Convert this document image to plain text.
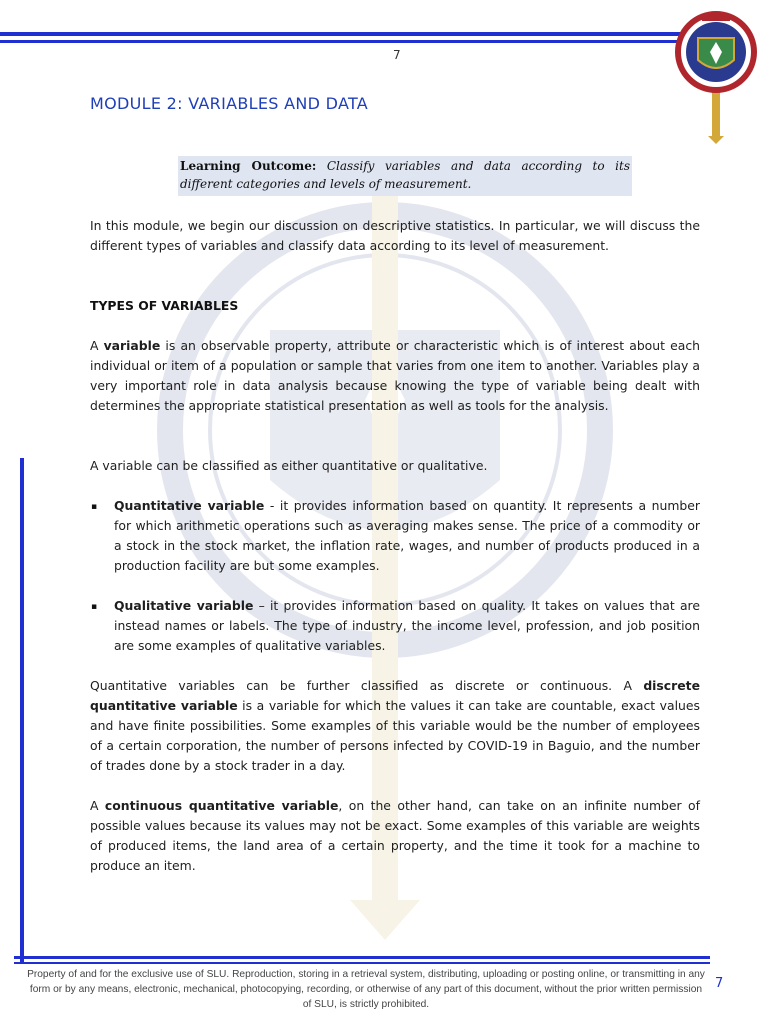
7
MODULE 2: VARIABLES AND DATA
Learning Outcome: Classify variables and data according to its different categories and levels of measurement.
In this module, we begin our discussion on descriptive statistics. In particular, we will discuss the different types of variables and classify data according to its level of measurement.
TYPES OF VARIABLES
A variable is an observable property, attribute or characteristic which is of interest about each individual or item of a population or sample that varies from one item to another. Variables play a very important role in data analysis because knowing the type of variable being dealt with determines the appropriate statistical presentation as well as tools for the analysis.
A variable can be classified as either quantitative or qualitative.
▪ Quantitative variable - it provides information based on quantity. It represents a number for which arithmetic operations such as averaging makes sense. The price of a commodity or a stock in the stock market, the inflation rate, wages, and number of products produced in a production facility are but some examples.
▪ Qualitative variable – it provides information based on quality. It takes on values that are instead names or labels. The type of industry, the income level, profession, and job position are some examples of qualitative variables.
Quantitative variables can be further classified as discrete or continuous. A discrete quantitative variable is a variable for which the values it can take are countable, exact values and have finite possibilities. Some examples of this variable would be the number of employees of a certain corporation, the number of persons infected by COVID-19 in Baguio, and the number of trades done by a stock trader in a day.
A continuous quantitative variable, on the other hand, can take on an infinite number of possible values because its values may not be exact. Some examples of this variable are weights of produced items, the land area of a certain property, and the time it took for a machine to produce an item.
Property of and for the exclusive use of SLU. Reproduction, storing in a retrieval system, distributing, uploading or posting online, or transmitting in any form or by any means, electronic, mechanical, photocopying, recording, or otherwise of any part of this document, without the prior written permission of SLU, is strictly prohibited.
7
